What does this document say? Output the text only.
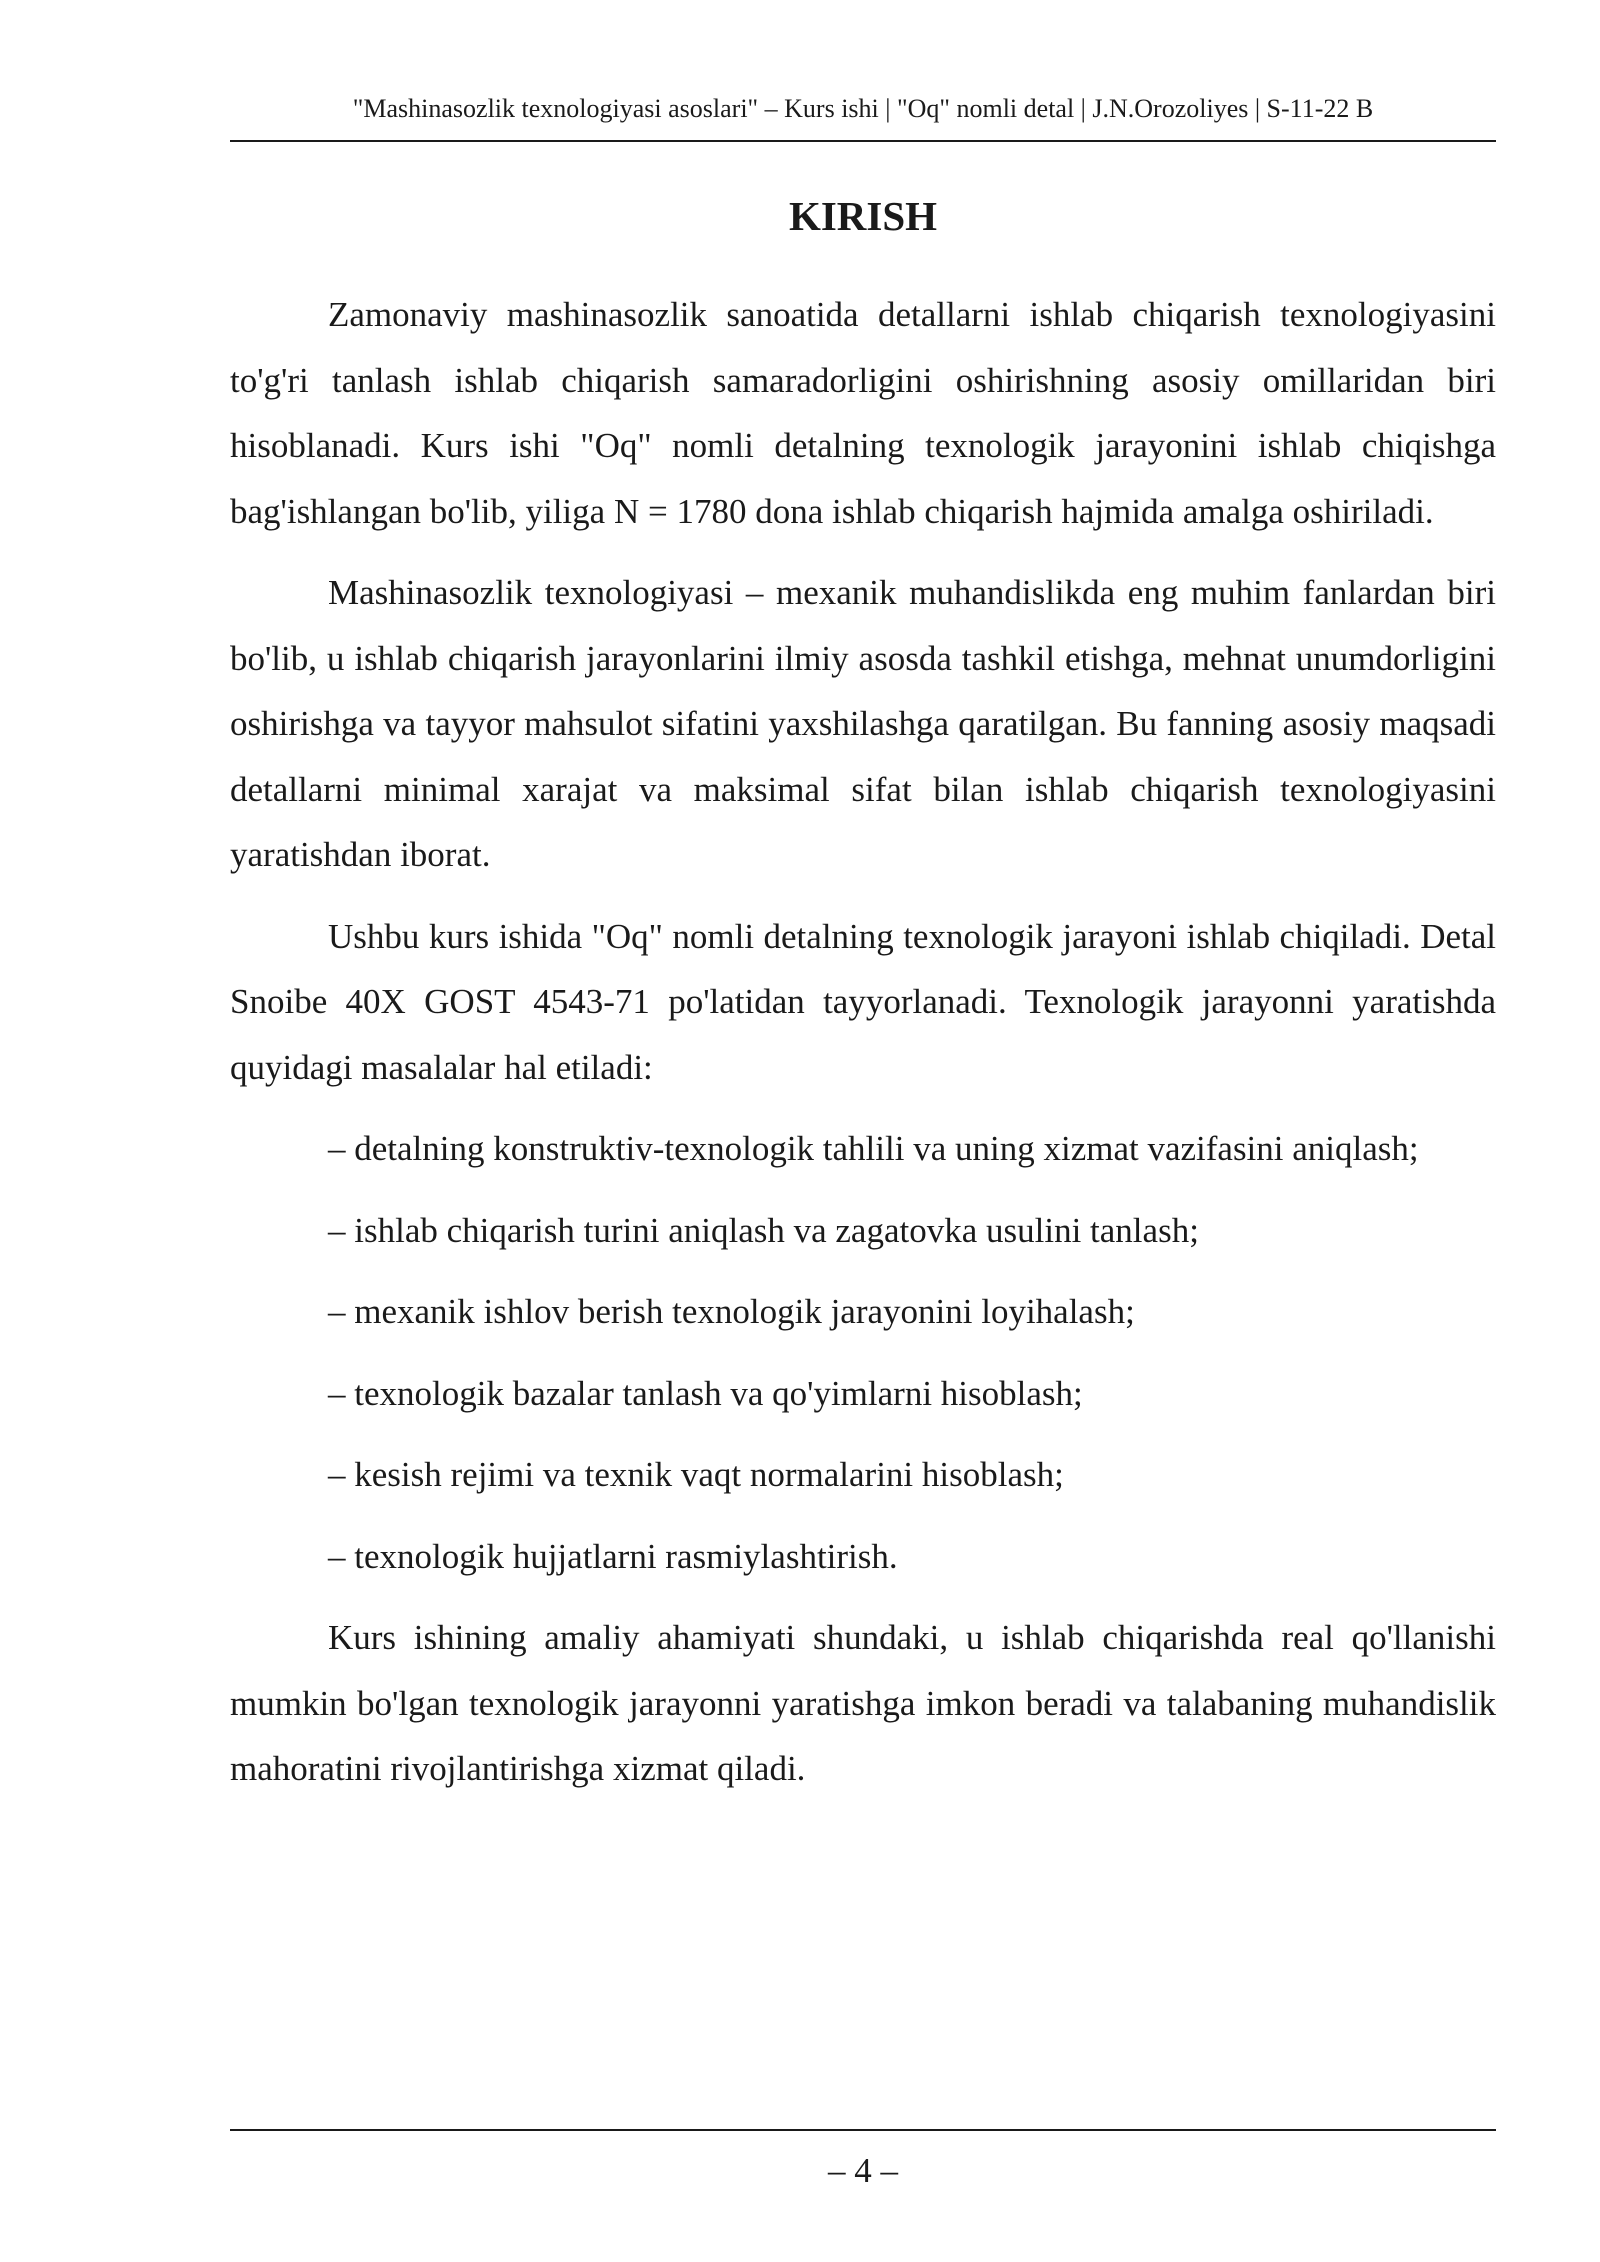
"Mashinasozlik texnologiyasi asoslari" – Kurs ishi | "Oq" nomli detal | J.N.Orozoliyes | S-11-22 B
KIRISH

Zamonaviy mashinasozlik sanoatida detallarni ishlab chiqarish texnologiyasini to'g'ri tanlash ishlab chiqarish samaradorligini oshirishning asosiy omillaridan biri hisoblanadi. Kurs ishi "Oq" nomli detalning texnologik jarayonini ishlab chiqishga bag'ishlangan bo'lib, yiliga N = 1780 dona ishlab chiqarish hajmida amalga oshiriladi.

Mashinasozlik texnologiyasi – mexanik muhandislikda eng muhim fanlardan biri bo'lib, u ishlab chiqarish jarayonlarini ilmiy asosda tashkil etishga, mehnat unumdorligini oshirishga va tayyor mahsulot sifatini yaxshilashga qaratilgan. Bu fanning asosiy maqsadi detallarni minimal xarajat va maksimal sifat bilan ishlab chiqarish texnologiyasini yaratishdan iborat.

Ushbu kurs ishida "Oq" nomli detalning texnologik jarayoni ishlab chiqiladi. Detal Snoibe 40X GOST 4543-71 po'latidan tayyorlanadi. Texnologik jarayonni yaratishda quyidagi masalalar hal etiladi:

– detalning konstruktiv-texnologik tahlili va uning xizmat vazifasini aniqlash;

– ishlab chiqarish turini aniqlash va zagatovka usulini tanlash;

– mexanik ishlov berish texnologik jarayonini loyihalash;

– texnologik bazalar tanlash va qo'yimlarni hisoblash;

– kesish rejimi va texnik vaqt normalarini hisoblash;

– texnologik hujjatlarni rasmiylashtirish.

Kurs ishining amaliy ahamiyati shundaki, u ishlab chiqarishda real qo'llanishi mumkin bo'lgan texnologik jarayonni yaratishga imkon beradi va talabaning muhandislik mahoratini rivojlantirishga xizmat qiladi.

– 4 –
